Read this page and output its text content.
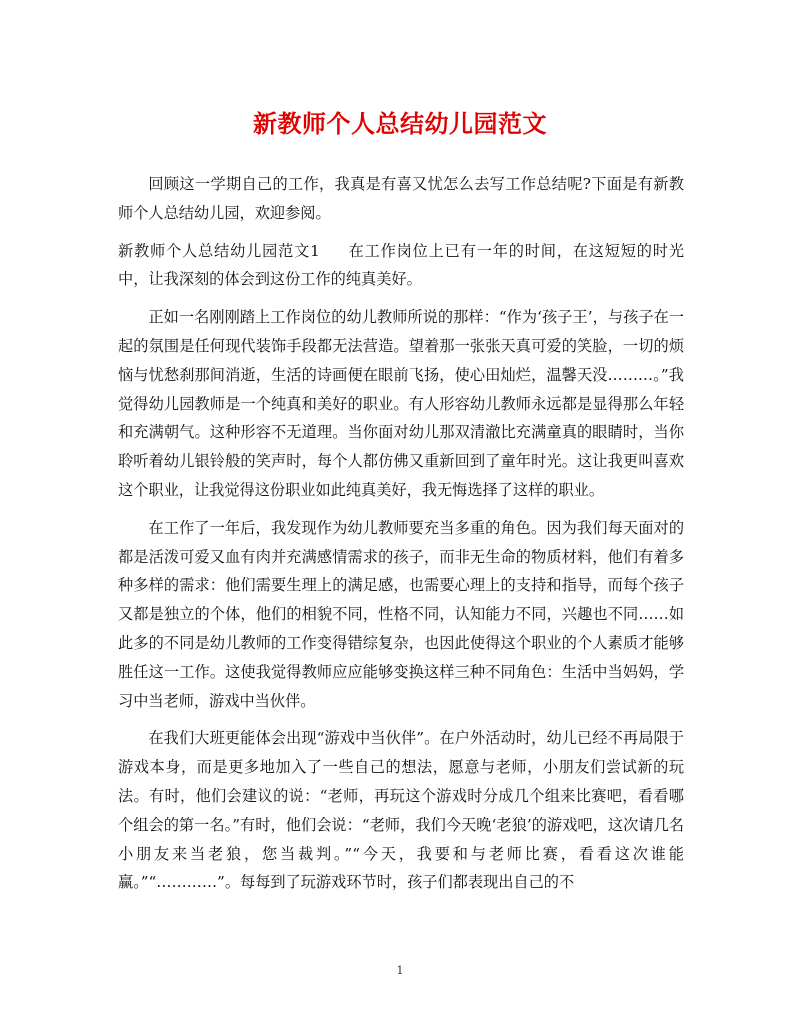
新教师个人总结幼儿园范文

回顾这一学期自己的工作，我真是有喜又忧怎么去写工作总结呢?下面是有新教师个人总结幼儿园，欢迎参阅。

新教师个人总结幼儿园范文1 在工作岗位上已有一年的时间，在这短短的时光中，让我深刻的体会到这份工作的纯真美好。

正如一名刚刚踏上工作岗位的幼儿教师所说的那样：“作为‘孩子王’，与孩子在一起的氛围是任何现代装饰手段都无法营造。望着那一张张天真可爱的笑脸，一切的烦恼与忧愁刹那间消逝，生活的诗画便在眼前飞扬，使心田灿烂，温馨天没………。”我觉得幼儿园教师是一个纯真和美好的职业。有人形容幼儿教师永远都是显得那么年轻和充满朝气。这种形容不无道理。当你面对幼儿那双清澈比充满童真的眼睛时，当你聆听着幼儿银铃般的笑声时，每个人都仿佛又重新回到了童年时光。这让我更叫喜欢这个职业，让我觉得这份职业如此纯真美好，我无悔选择了这样的职业。

在工作了一年后，我发现作为幼儿教师要充当多重的角色。因为我们每天面对的都是活泼可爱又血有肉并充满感情需求的孩子，而非无生命的物质材料，他们有着多种多样的需求：他们需要生理上的满足感，也需要心理上的支持和指导，而每个孩子又都是独立的个体，他们的相貌不同，性格不同，认知能力不同，兴趣也不同……如此多的不同是幼儿教师的工作变得错综复杂，也因此使得这个职业的个人素质才能够胜任这一工作。这使我觉得教师应应能够变换这样三种不同角色：生活中当妈妈，学习中当老师，游戏中当伙伴。

在我们大班更能体会出现“游戏中当伙伴”。在户外活动时，幼儿已经不再局限于游戏本身，而是更多地加入了一些自己的想法，愿意与老师，小朋友们尝试新的玩法。有时，他们会建议的说：“老师，再玩这个游戏时分成几个组来比赛吧，看看哪个组会的第一名。”有时，他们会说：“老师，我们今天晚‘老狼’的游戏吧，这次请几名小朋友来当老狼，您当裁判。”“今天，我要和与老师比赛，看看这次谁能赢。”“…………”。每每到了玩游戏环节时，孩子们都表现出自己的不

1
